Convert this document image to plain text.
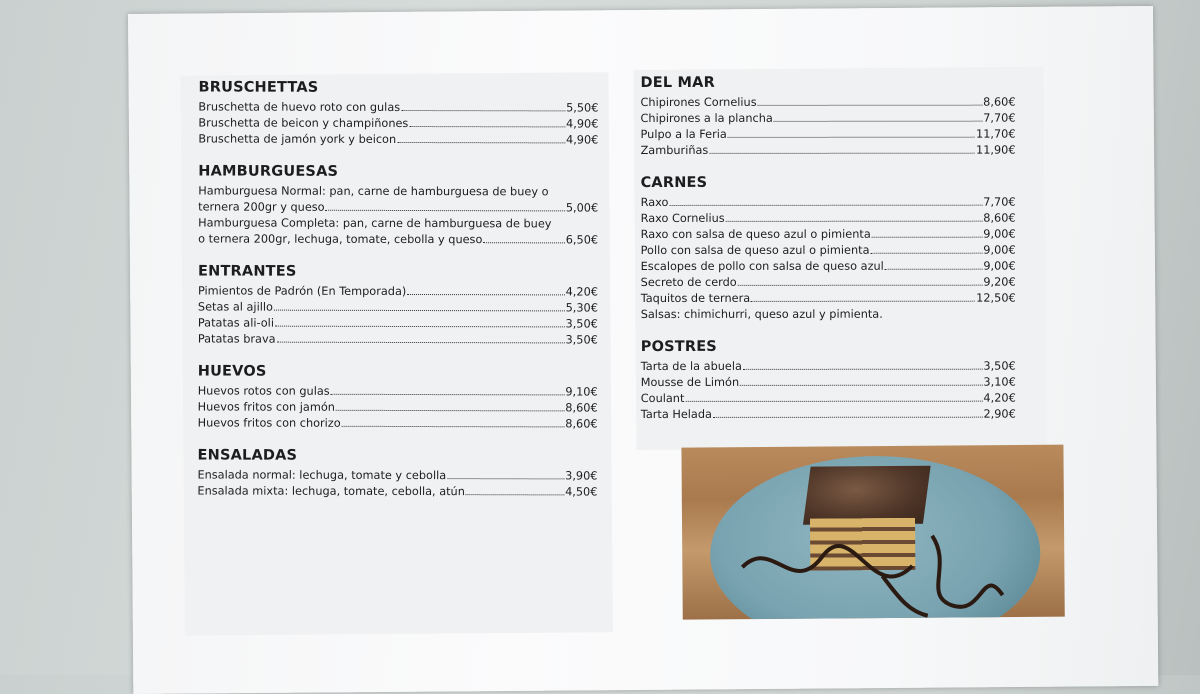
BRUSCHETTAS
Bruschetta de huevo roto con gulas	5,50€
Bruschetta de beicon y champiñones	4,90€
Bruschetta de jamón york y beicon	4,90€
HAMBURGUESAS
Hamburguesa Normal: pan, carne de hamburguesa de buey o
ternera 200gr y queso	5,00€
Hamburguesa Completa: pan, carne de hamburguesa de buey
o ternera 200gr, lechuga, tomate, cebolla y queso	6,50€
ENTRANTES
Pimientos de Padrón (En Temporada)	4,20€
Setas al ajillo	5,30€
Patatas ali-oli	3,50€
Patatas brava	3,50€
HUEVOS
Huevos rotos con gulas	9,10€
Huevos fritos con jamón	8,60€
Huevos fritos con chorizo	8,60€
ENSALADAS
Ensalada normal: lechuga, tomate y cebolla	3,90€
Ensalada mixta: lechuga, tomate, cebolla, atún	4,50€
DEL MAR
Chipirones Cornelius	8,60€
Chipirones a la plancha	7,70€
Pulpo a la Feria	11,70€
Zamburiñas	11,90€
CARNES
Raxo	7,70€
Raxo Cornelius	8,60€
Raxo con salsa de queso azul o pimienta	9,00€
Pollo con salsa de queso azul o pimienta	9,00€
Escalopes de pollo con salsa de queso azul	9,00€
Secreto de cerdo	9,20€
Taquitos de ternera	12,50€
Salsas: chimichurri, queso azul y pimienta.
POSTRES
Tarta de la abuela	3,50€
Mousse de Limón	3,10€
Coulant	4,20€
Tarta Helada	2,90€
